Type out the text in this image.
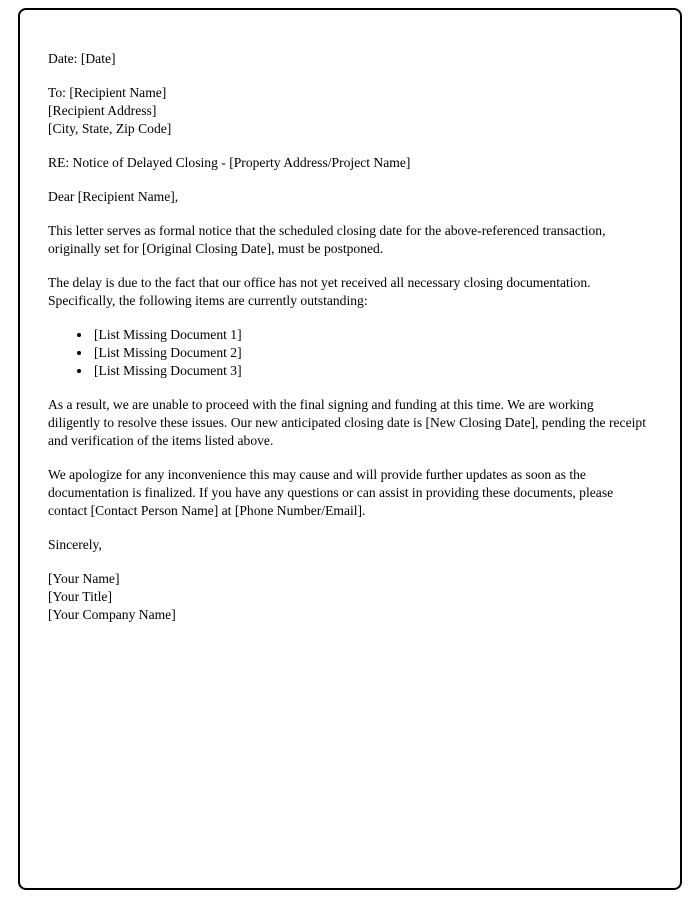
Date: [Date]

To: [Recipient Name]

[Recipient Address]

[City, State, Zip Code]

RE: Notice of Delayed Closing - [Property Address/Project Name]

Dear [Recipient Name],

This letter serves as formal notice that the scheduled closing date for the above-referenced transaction, originally set for [Original Closing Date], must be postponed.

The delay is due to the fact that our office has not yet received all necessary closing documentation. Specifically, the following items are currently outstanding:

• [List Missing Document 1]
• [List Missing Document 2]
• [List Missing Document 3]

As a result, we are unable to proceed with the final signing and funding at this time. We are working diligently to resolve these issues. Our new anticipated closing date is [New Closing Date], pending the receipt and verification of the items listed above.

We apologize for any inconvenience this may cause and will provide further updates as soon as the documentation is finalized. If you have any questions or can assist in providing these documents, please contact [Contact Person Name] at [Phone Number/Email].

Sincerely,

[Your Name]

[Your Title]

[Your Company Name]
